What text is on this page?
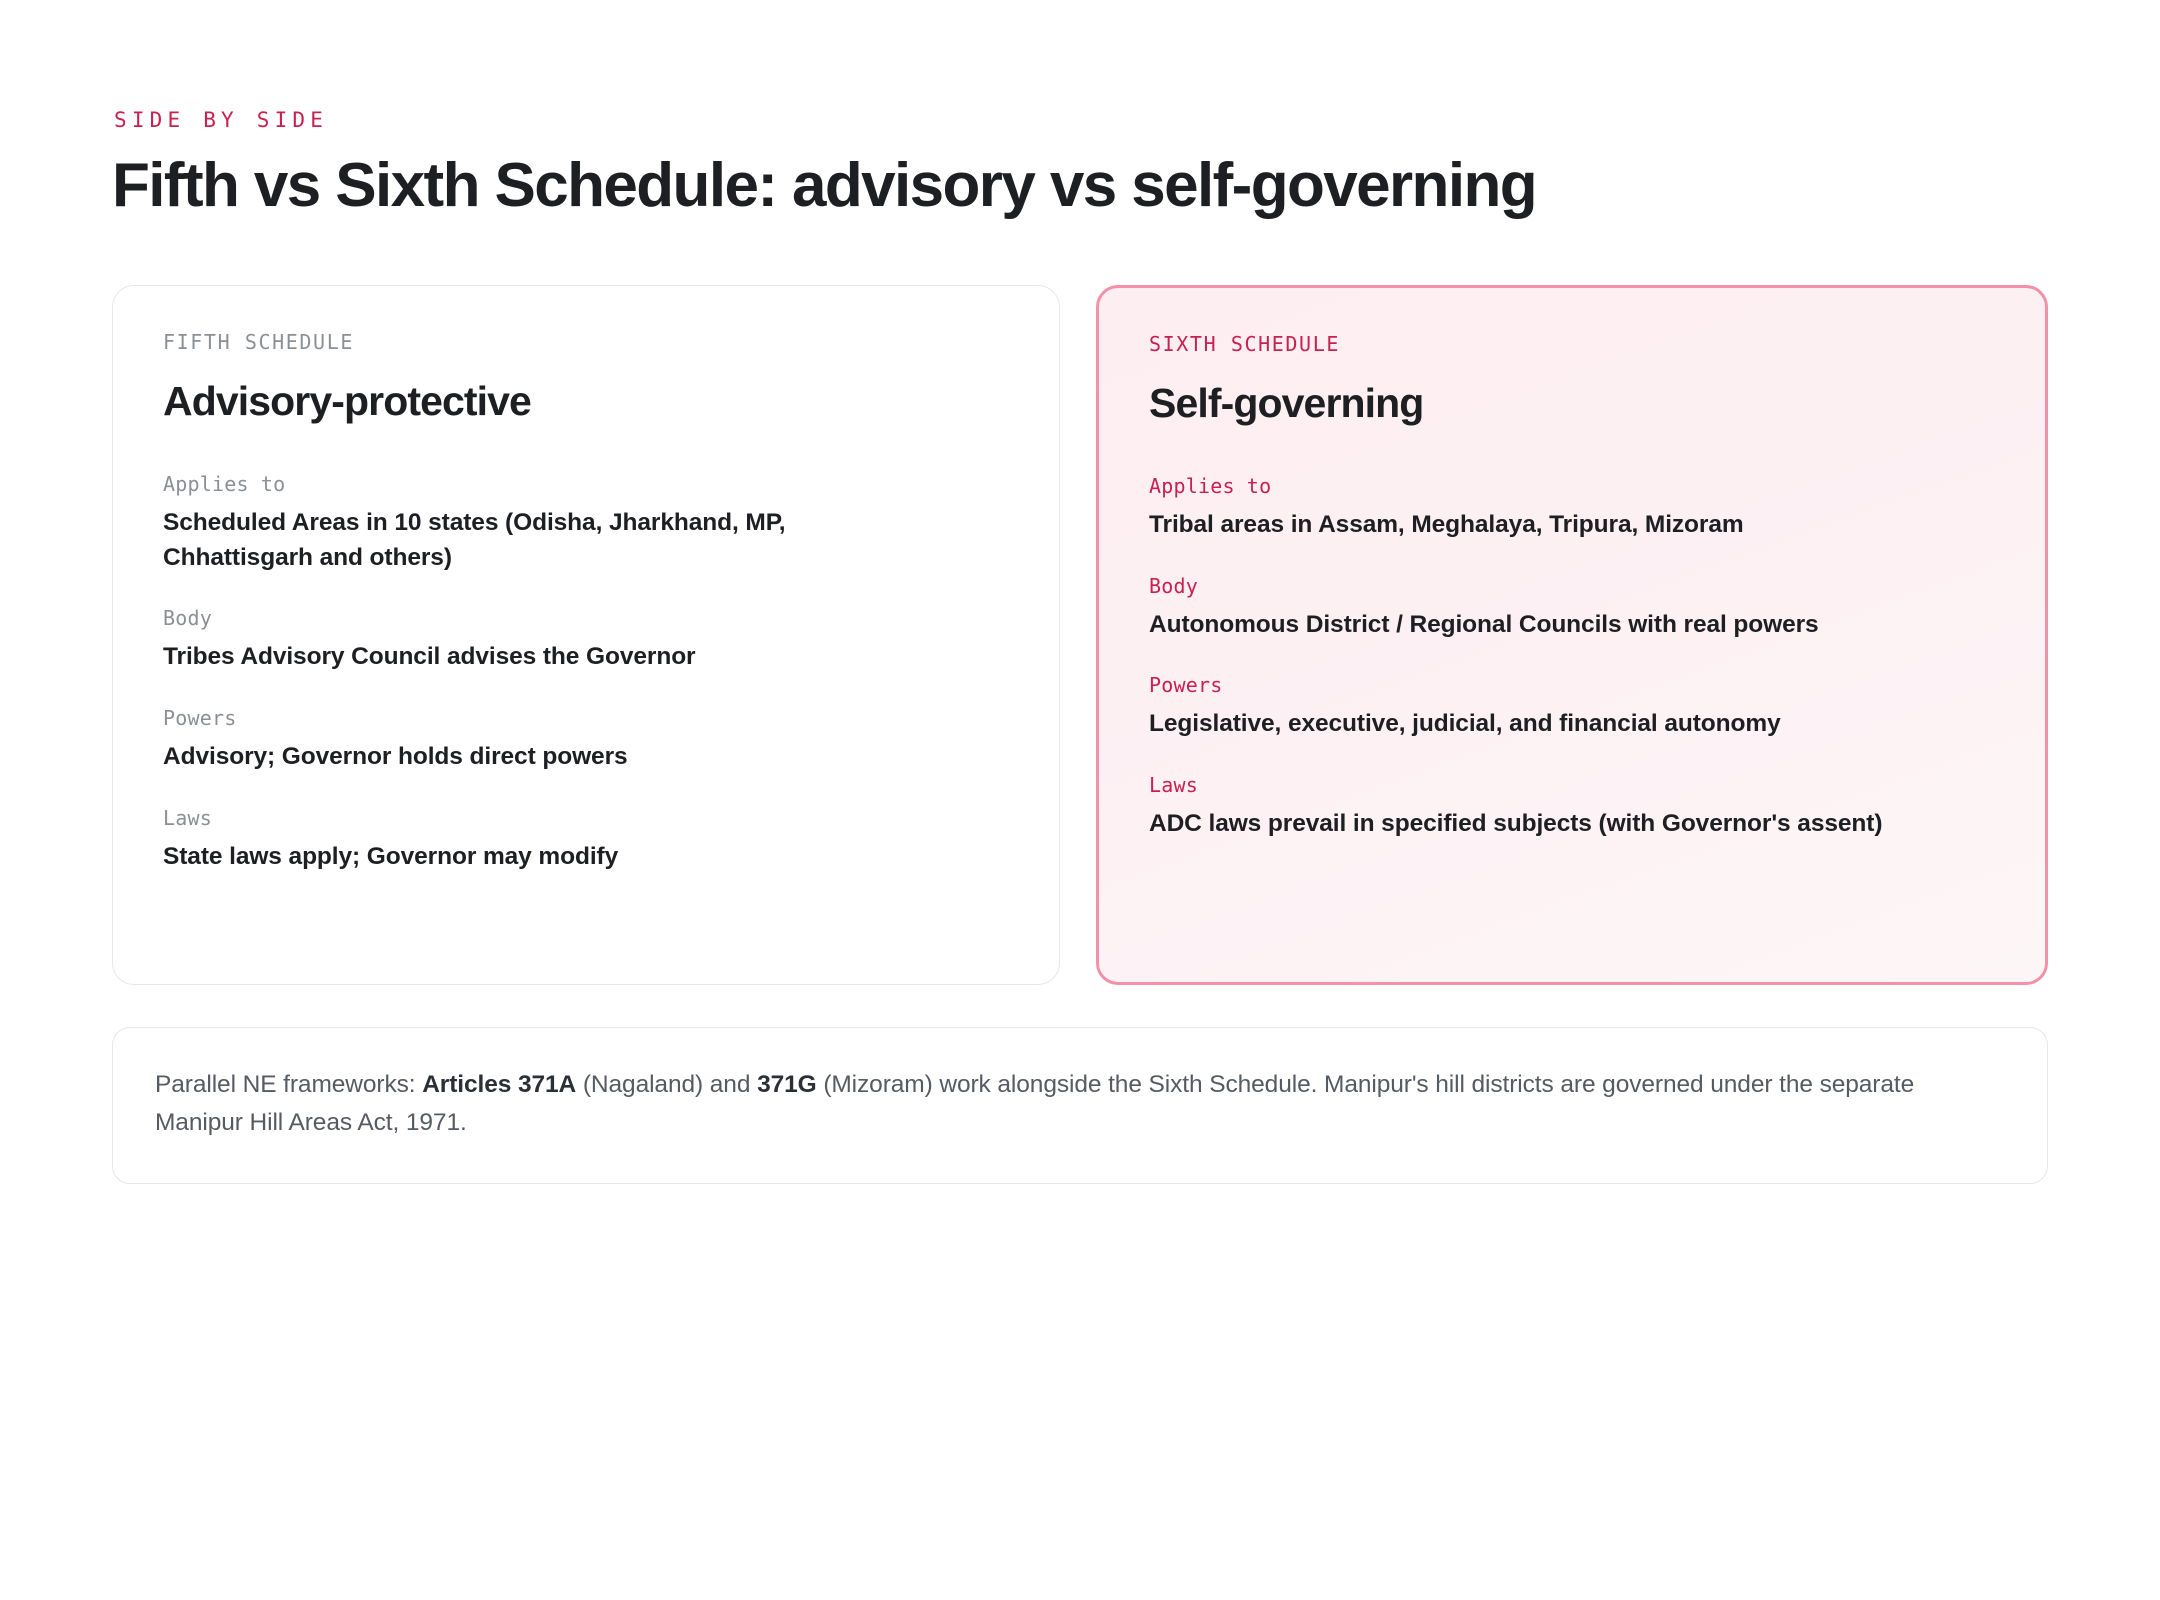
SIDE BY SIDE

Fifth vs Sixth Schedule: advisory vs self-governing

FIFTH SCHEDULE

Advisory-protective

Applies to

Scheduled Areas in 10 states (Odisha, Jharkhand, MP, Chhattisgarh and others)

Body

Tribes Advisory Council advises the Governor

Powers

Advisory; Governor holds direct powers

Laws

State laws apply; Governor may modify

SIXTH SCHEDULE

Self-governing

Applies to

Tribal areas in Assam, Meghalaya, Tripura, Mizoram

Body

Autonomous District / Regional Councils with real powers

Powers

Legislative, executive, judicial, and financial autonomy

Laws

ADC laws prevail in specified subjects (with Governor's assent)

Parallel NE frameworks: Articles 371A (Nagaland) and 371G (Mizoram) work alongside the Sixth Schedule. Manipur's hill districts are governed under the separate Manipur Hill Areas Act, 1971.
